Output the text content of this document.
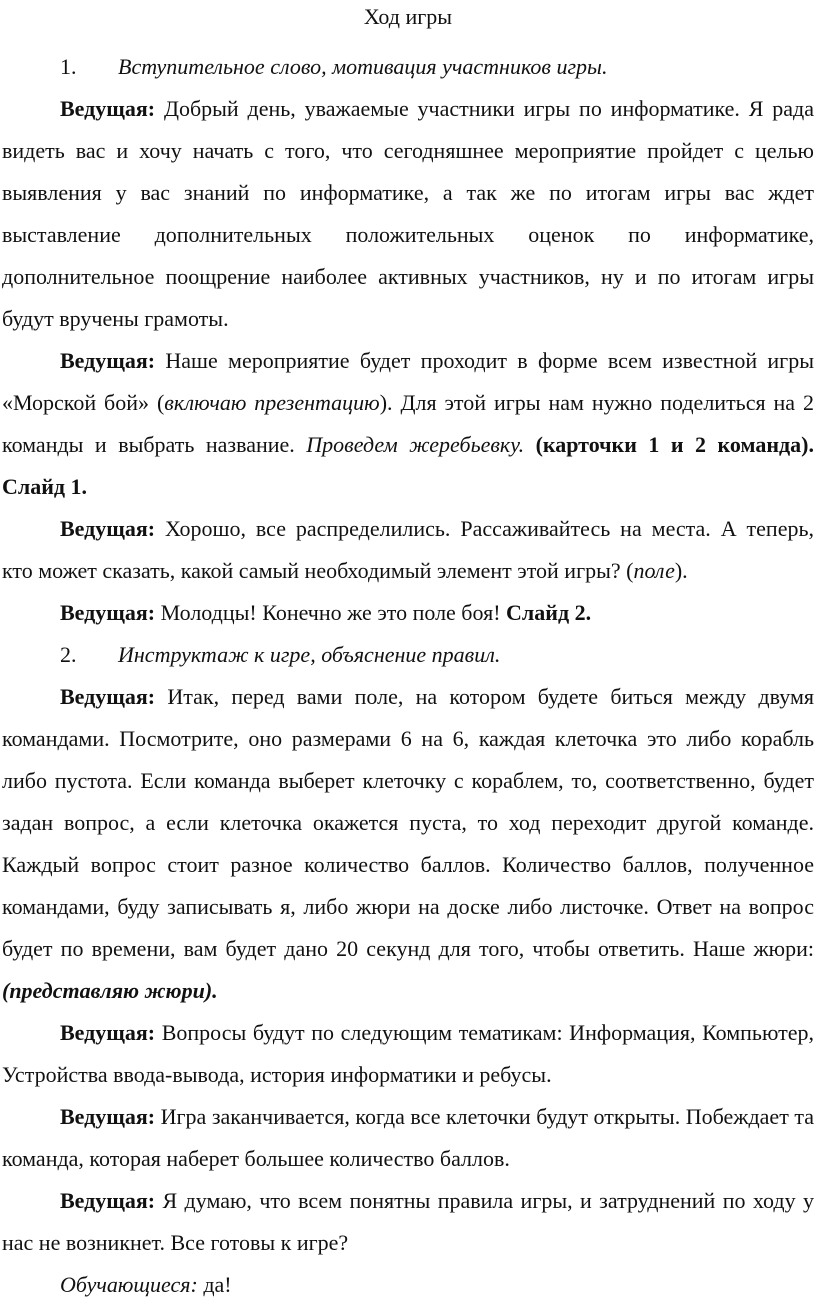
Ход игры
1.	Вступительное слово, мотивация участников игры.

Ведущая: Добрый день, уважаемые участники игры по информатике. Я рада видеть вас и хочу начать с того, что сегодняшнее мероприятие пройдет с целью выявления у вас знаний по информатике, а так же по итогам игры вас ждет выставление дополнительных положительных оценок по информатике, дополнительное поощрение наиболее активных участников, ну и по итогам игры будут вручены грамоты.

Ведущая: Наше мероприятие будет проходит в форме всем известной игры «Морской бой» (включаю презентацию). Для этой игры нам нужно поделиться на 2 команды и выбрать название. Проведем жеребьевку. (карточки 1 и 2 команда). Слайд 1.

Ведущая: Хорошо, все распределились. Рассаживайтесь на места. А теперь, кто может сказать, какой самый необходимый элемент этой игры? (поле).

Ведущая: Молодцы! Конечно же это поле боя! Слайд 2.

2.	Инструктаж к игре, объяснение правил.

Ведущая: Итак, перед вами поле, на котором будете биться между двумя командами. Посмотрите, оно размерами 6 на 6, каждая клеточка это либо корабль либо пустота. Если команда выберет клеточку с кораблем, то, соответственно, будет задан вопрос, а если клеточка окажется пуста, то ход переходит другой команде. Каждый вопрос стоит разное количество баллов. Количество баллов, полученное командами, буду записывать я, либо жюри на доске либо листочке. Ответ на вопрос будет по времени, вам будет дано 20 секунд для того, чтобы ответить. Наше жюри: (представляю жюри).

Ведущая: Вопросы будут по следующим тематикам: Информация, Компьютер, Устройства ввода-вывода, история информатики и ребусы.

Ведущая: Игра заканчивается, когда все клеточки будут открыты. Побеждает та команда, которая наберет большее количество баллов.

Ведущая: Я думаю, что всем понятны правила игры, и затруднений по ходу у нас не возникнет. Все готовы к игре?

Обучающиеся: да!
